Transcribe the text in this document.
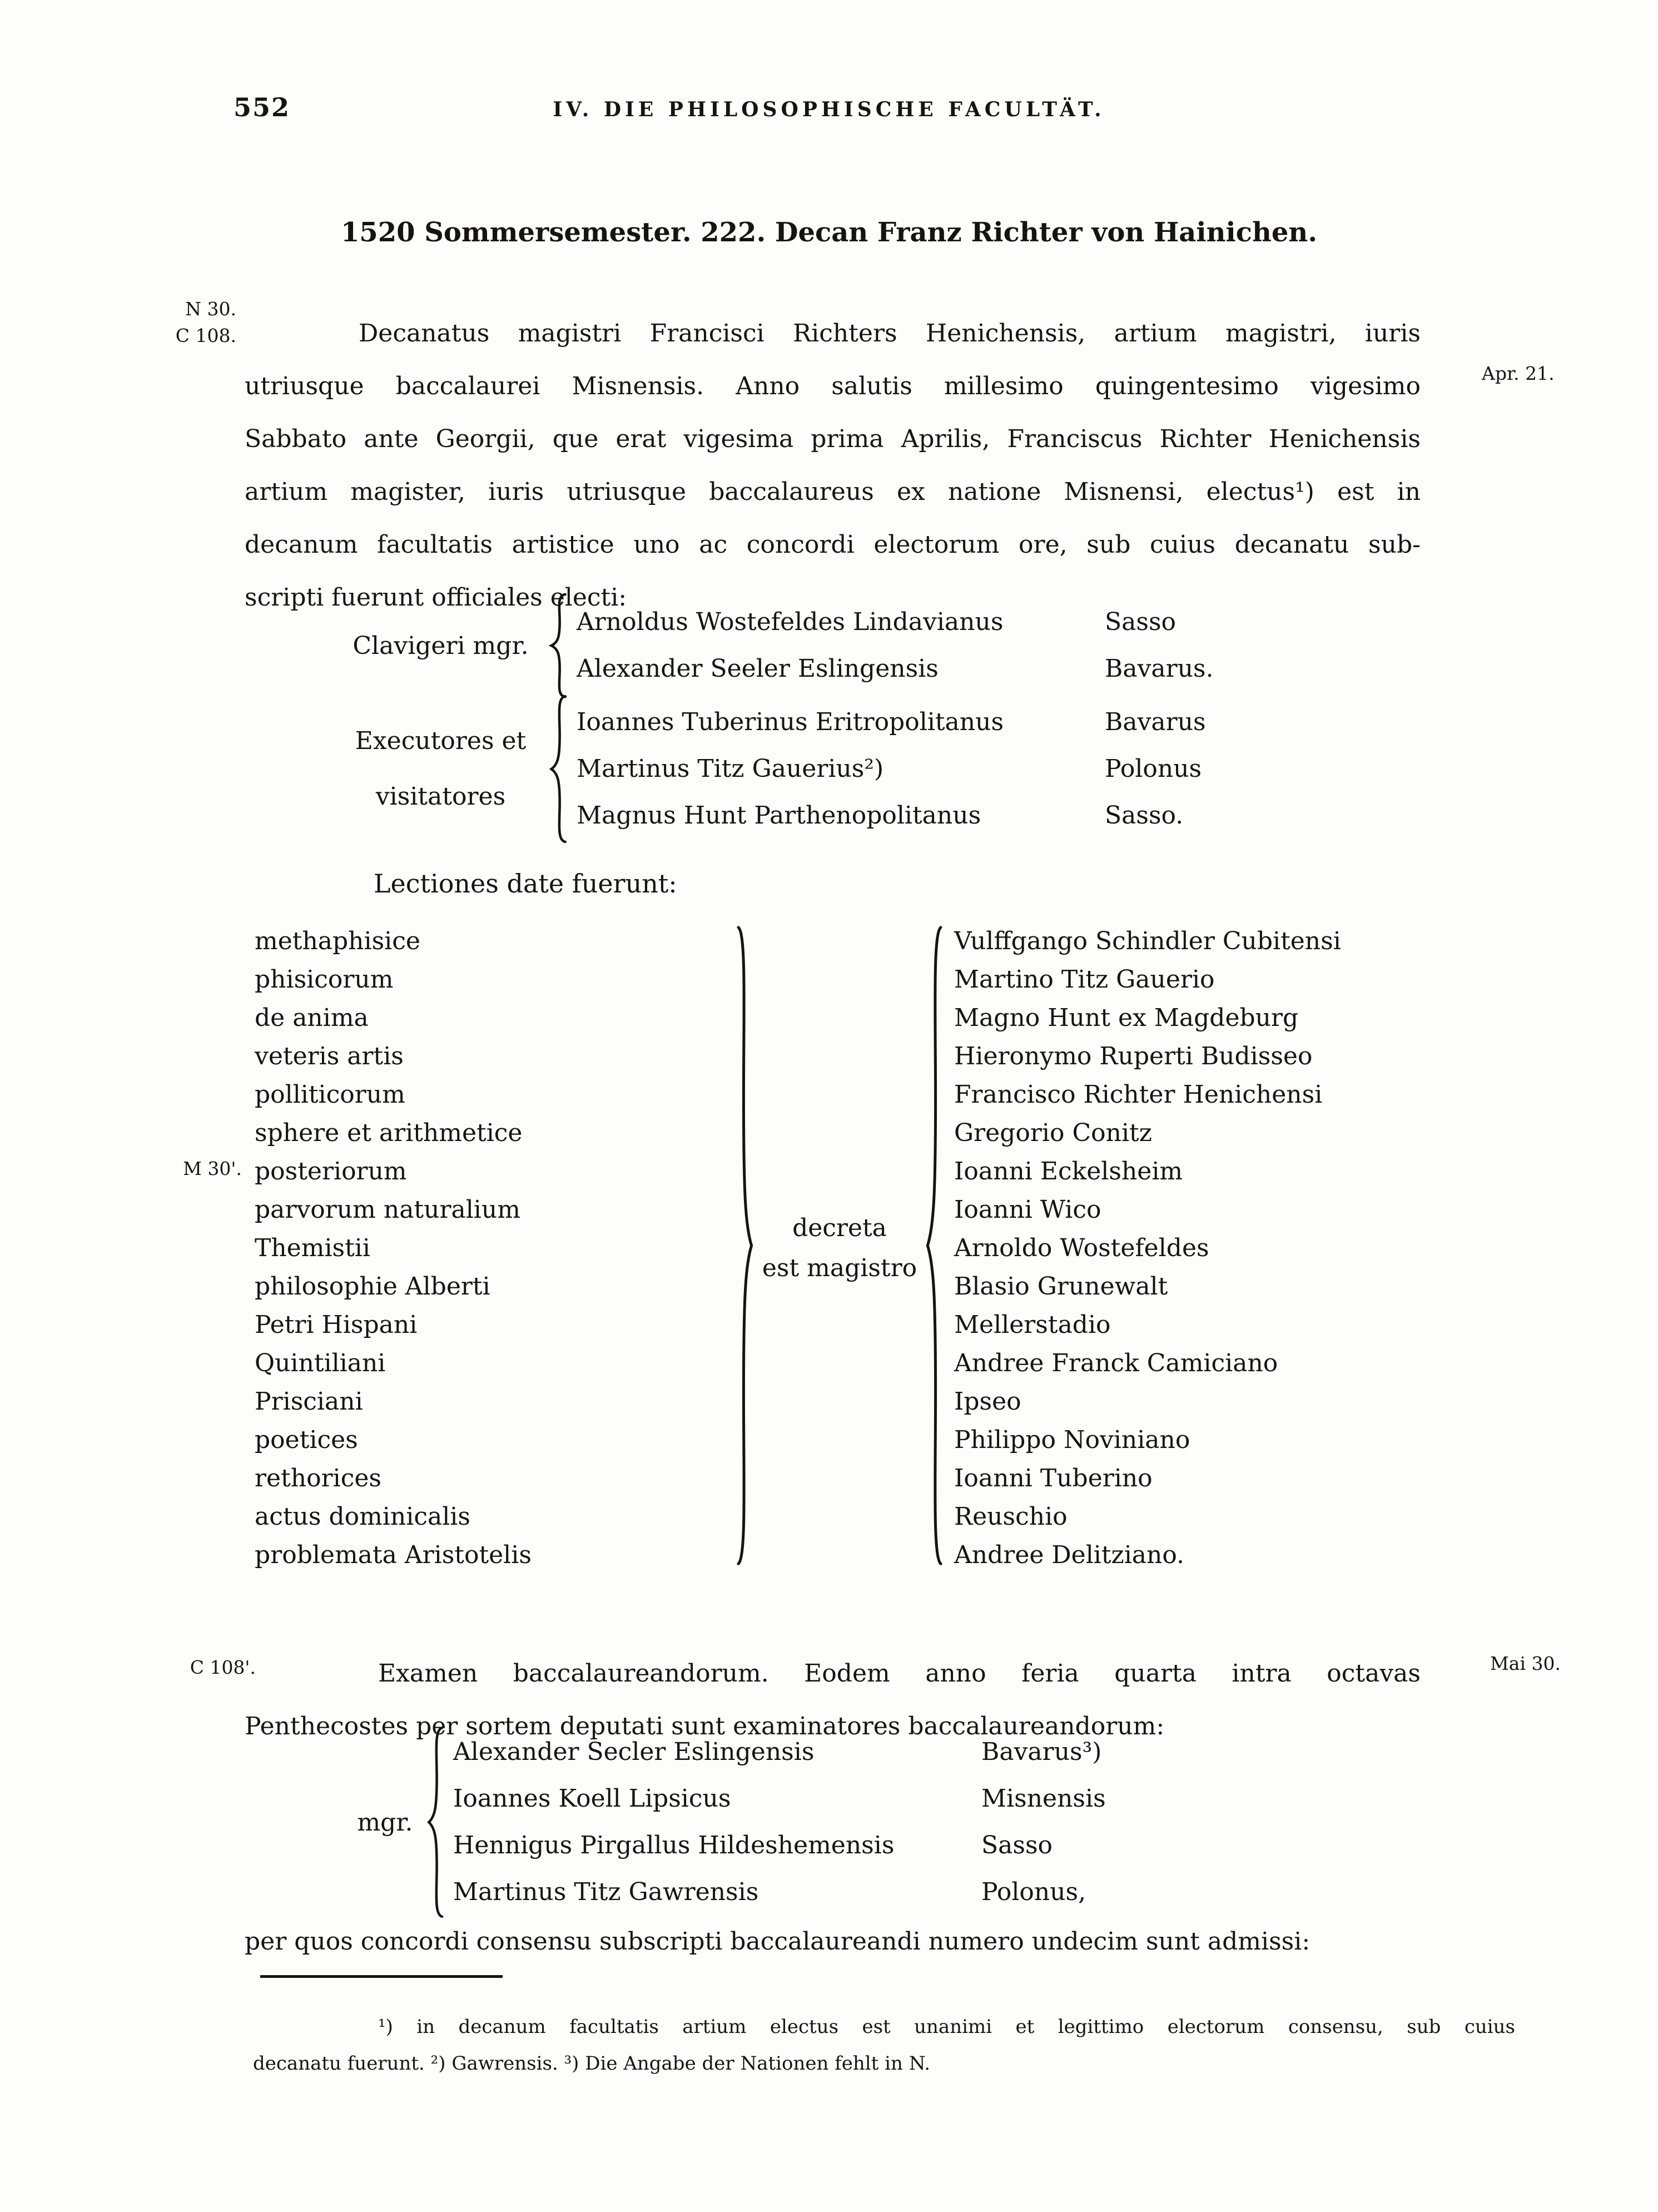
552	IV. DIE PHILOSOPHISCHE FACULTÄT.
1520 Sommersemester. 222. Decan Franz Richter von Hainichen.
N 30.
C 108.
Apr. 21.
Decanatus magistri Francisci Richters Henichensis, artium magistri, iuris
utriusque baccalaurei Misnensis. Anno salutis millesimo quingentesimo vigesimo
Sabbato ante Georgii, que erat vigesima prima Aprilis, Franciscus Richter Henichensis
artium magister, iuris utriusque baccalaureus ex natione Misnensi, electus¹) est in
decanum facultatis artistice uno ac concordi electorum ore, sub cuius decanatu sub-
scripti fuerunt officiales electi:
Clavigeri mgr.
Arnoldus Wostefeldes Lindavianus	Sasso
Alexander Seeler Eslingensis	Bavarus.
Executores et
visitatores
Ioannes Tuberinus Eritropolitanus	Bavarus
Martinus Titz Gauerius²)	Polonus
Magnus Hunt Parthenopolitanus	Sasso.
Lectiones date fuerunt:
M 30'.
methaphisice
phisicorum
de anima
veteris artis
polliticorum
sphere et arithmetice
posteriorum
parvorum naturalium
Themistii
philosophie Alberti
Petri Hispani
Quintiliani
Prisciani
poetices
rethorices
actus dominicalis
problemata Aristotelis
decreta
est magistro
Vulffgango Schindler Cubitensi
Martino Titz Gauerio
Magno Hunt ex Magdeburg
Hieronymo Ruperti Budisseo
Francisco Richter Henichensi
Gregorio Conitz
Ioanni Eckelsheim
Ioanni Wico
Arnoldo Wostefeldes
Blasio Grunewalt
Mellerstadio
Andree Franck Camiciano
Ipseo
Philippo Noviniano
Ioanni Tuberino
Reuschio
Andree Delitziano.
C 108'.	Mai 30.
Examen baccalaureandorum. Eodem anno feria quarta intra octavas
Penthecostes per sortem deputati sunt examinatores baccalaureandorum:
mgr.
Alexander Secler Eslingensis	Bavarus³)
Ioannes Koell Lipsicus	Misnensis
Hennigus Pirgallus Hildeshemensis	Sasso
Martinus Titz Gawrensis	Polonus,
per quos concordi consensu subscripti baccalaureandi numero undecim sunt admissi:
¹) in decanum facultatis artium electus est unanimi et legittimo electorum consensu, sub cuius
decanatu fuerunt. ²) Gawrensis. ³) Die Angabe der Nationen fehlt in N.
